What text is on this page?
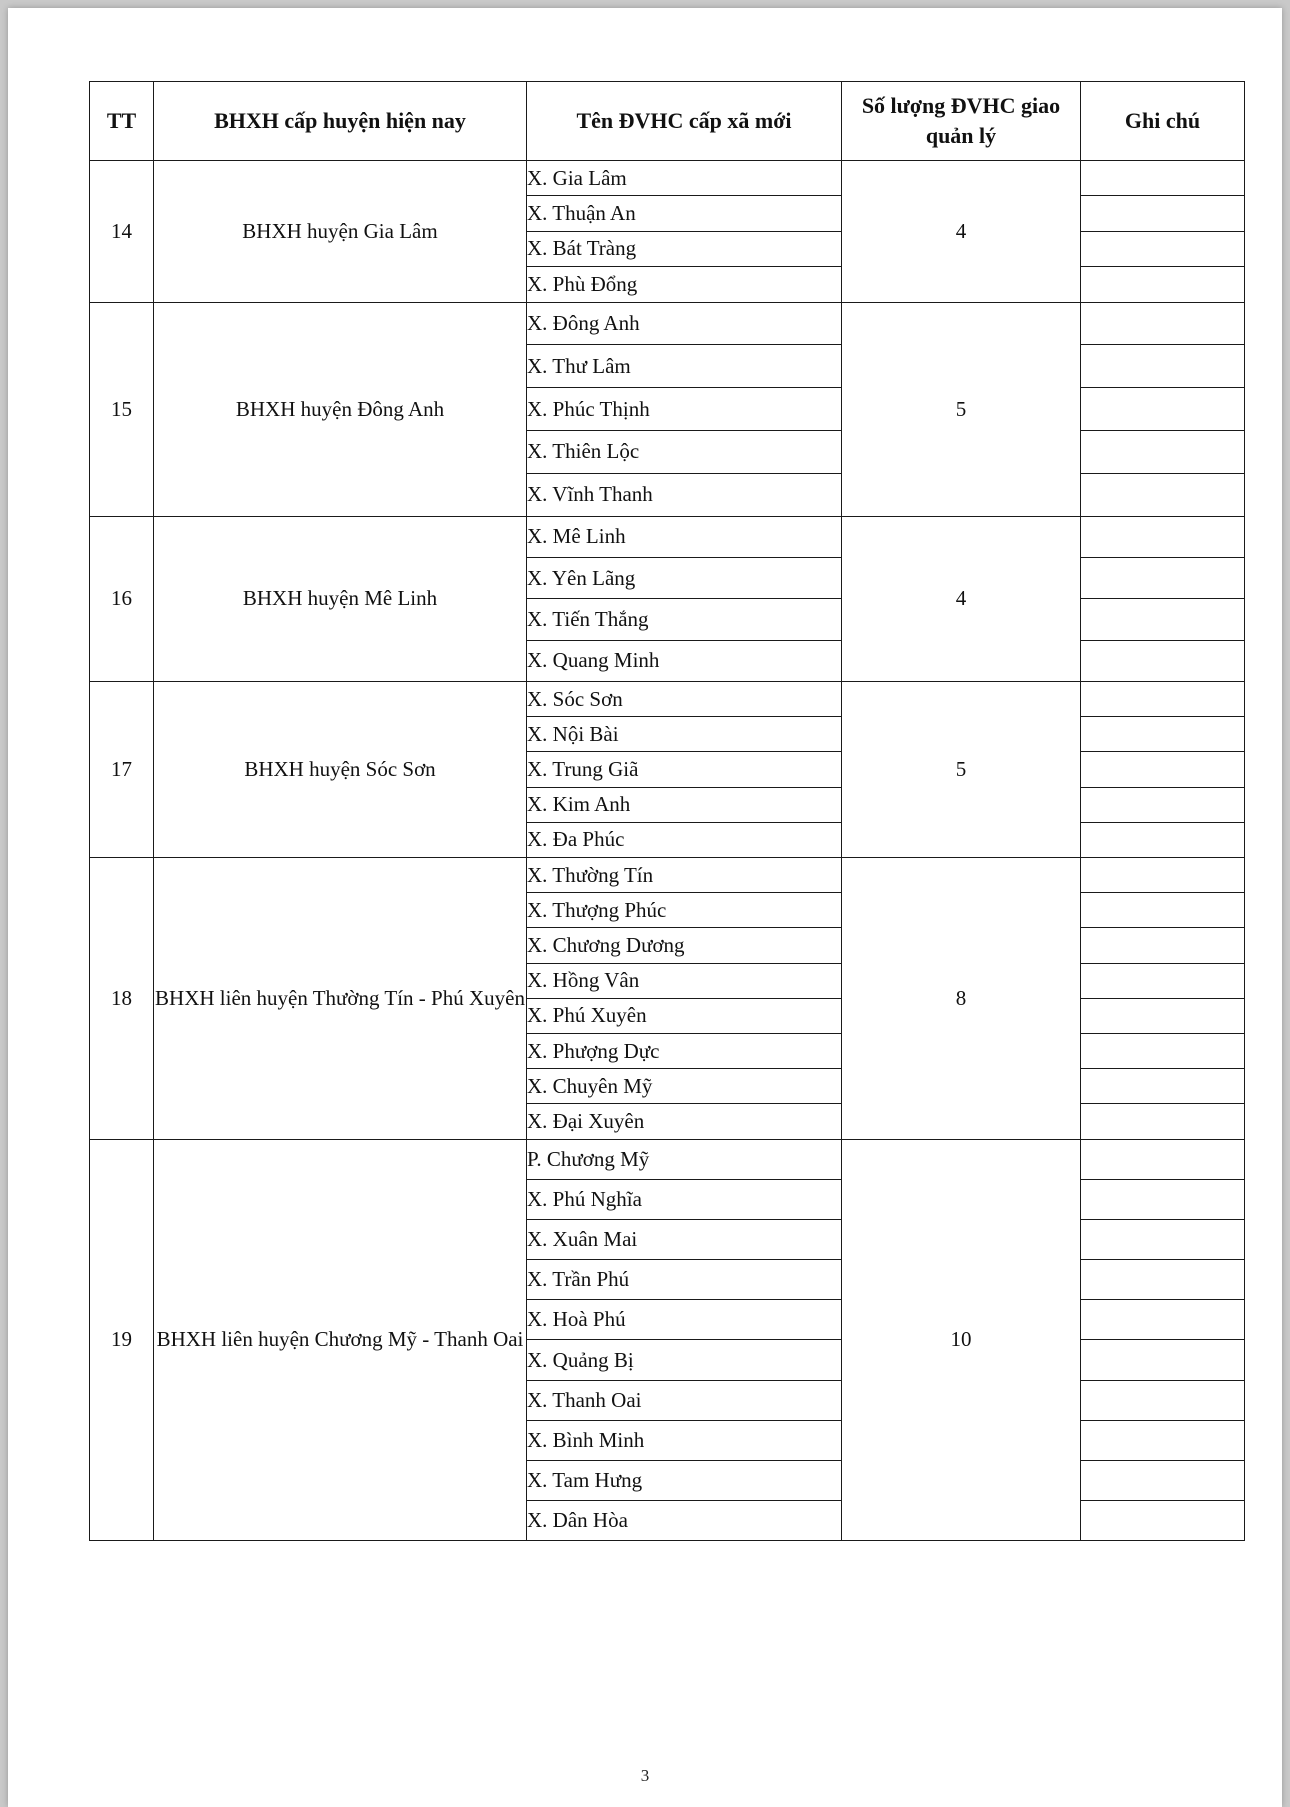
TT	BHXH cấp huyện hiện nay	Tên ĐVHC cấp xã mới	Số lượng ĐVHC giao quản lý	Ghi chú
14	BHXH huyện Gia Lâm	X. Gia Lâm	4	
		X. Thuận An		
		X. Bát Tràng		
		X. Phù Đổng		
15	BHXH huyện Đông Anh	X. Đông Anh	5	
		X. Thư Lâm		
		X. Phúc Thịnh		
		X. Thiên Lộc		
		X. Vĩnh Thanh		
16	BHXH huyện Mê Linh	X. Mê Linh	4	
		X. Yên Lãng		
		X. Tiến Thắng		
		X. Quang Minh		
17	BHXH huyện Sóc Sơn	X. Sóc Sơn	5	
		X. Nội Bài		
		X. Trung Giã		
		X. Kim Anh		
		X. Đa Phúc		
18	BHXH liên huyện Thường Tín - Phú Xuyên	X. Thường Tín	8	
		X. Thượng Phúc		
		X. Chương Dương		
		X. Hồng Vân		
		X. Phú Xuyên		
		X. Phượng Dực		
		X. Chuyên Mỹ		
		X. Đại Xuyên		
19	BHXH liên huyện Chương Mỹ - Thanh Oai	P. Chương Mỹ	10	
		X. Phú Nghĩa		
		X. Xuân Mai		
		X. Trần Phú		
		X. Hoà Phú		
		X. Quảng Bị		
		X. Thanh Oai		
		X. Bình Minh		
		X. Tam Hưng		
		X. Dân Hòa		
3
